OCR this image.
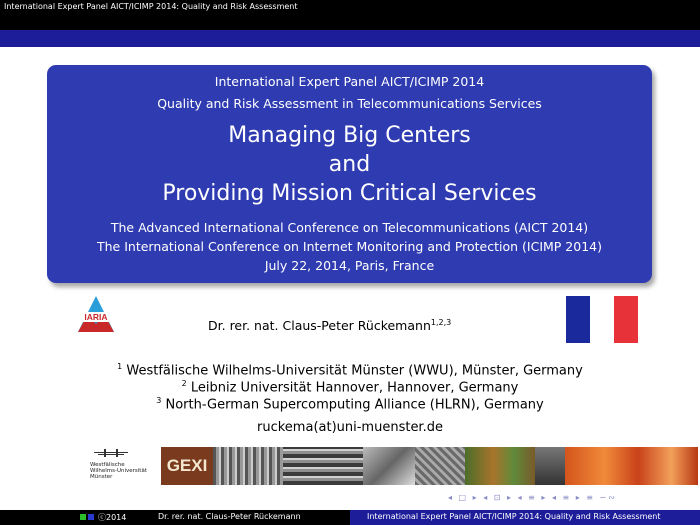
International Expert Panel AICT/ICIMP 2014: Quality and Risk Assessment
International Expert Panel AICT/ICIMP 2014
Quality and Risk Assessment in Telecommunications Services
Managing Big Centers
and
Providing Mission Critical Services
The Advanced International Conference on Telecommunications (AICT 2014)
The International Conference on Internet Monitoring and Protection (ICIMP 2014)
July 22, 2014, Paris, France
IARIA
Dr. rer. nat. Claus-Peter Rückemann$^{1,2,3}$
$^1$ Westfälische Wilhelms-Universität Münster (WWU), Münster, Germany
$^2$ Leibniz Universität Hannover, Hannover, Germany
$^3$ North-German Supercomputing Alliance (HLRN), Germany
ruckema(at)uni-muenster.de
Westfälische
Wilhelms-Universität
Münster
GEXI
◂ □ ▸ ◂ ⊡ ▸ ◂ ≡ ▸ ◂ ≡ ▸ ≡ ∽∾
ⓒ2014	Dr. rer. nat. Claus-Peter Rückemann	International Expert Panel AICT/ICIMP 2014: Quality and Risk Assessment
